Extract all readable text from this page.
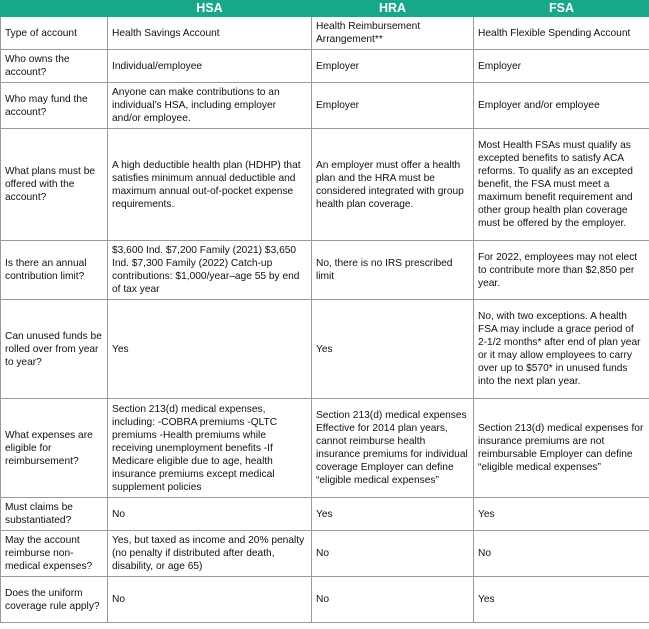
	HSA	HRA	FSA
Type of account	Health Savings Account	Health Reimbursement Arrangement**	Health Flexible Spending Account
Who owns the account?	Individual/employee	Employer	Employer
Who may fund the account?	Anyone can make contributions to an individual’s HSA, including employer and/or employee.	Employer	Employer and/or employee
What plans must be offered with the account?	A high deductible health plan (HDHP) that satisfies minimum annual deductible and maximum annual out-of-pocket expense requirements.	An employer must offer a health plan and the HRA must be considered integrated with group health plan coverage.	Most Health FSAs must qualify as excepted benefits to satisfy ACA reforms. To qualify as an excepted benefit, the FSA must meet a maximum benefit requirement and other group health plan coverage must be offered by the employer.
Is there an annual contribution limit?	$3,600 Ind. $7,200 Family (2021) $3,650 Ind. $7,300 Family (2022) Catch-up contributions: $1,000/year–age 55 by end of tax year	No, there is no IRS prescribed limit	For 2022, employees may not elect to contribute more than $2,850 per year.
Can unused funds be rolled over from year to year?	Yes	Yes	No, with two exceptions. A health FSA may include a grace period of 2-1/2 months* after end of plan year or it may allow employees to carry over up to $570* in unused funds into the next plan year.
What expenses are eligible for reimbursement?	Section 213(d) medical expenses, including: -COBRA premiums -QLTC premiums -Health premiums while receiving unemployment benefits -If Medicare eligible due to age, health insurance premiums except medical supplement policies	Section 213(d) medical expenses Effective for 2014 plan years, cannot reimburse health insurance premiums for individual coverage Employer can define “eligible medical expenses”	Section 213(d) medical expenses for insurance premiums are not reimbursable Employer can define “eligible medical expenses”
Must claims be substantiated?	No	Yes	Yes
May the account reimburse non-medical expenses?	Yes, but taxed as income and 20% penalty (no penalty if distributed after death, disability, or age 65)	No	No
Does the uniform coverage rule apply?	No	No	Yes
